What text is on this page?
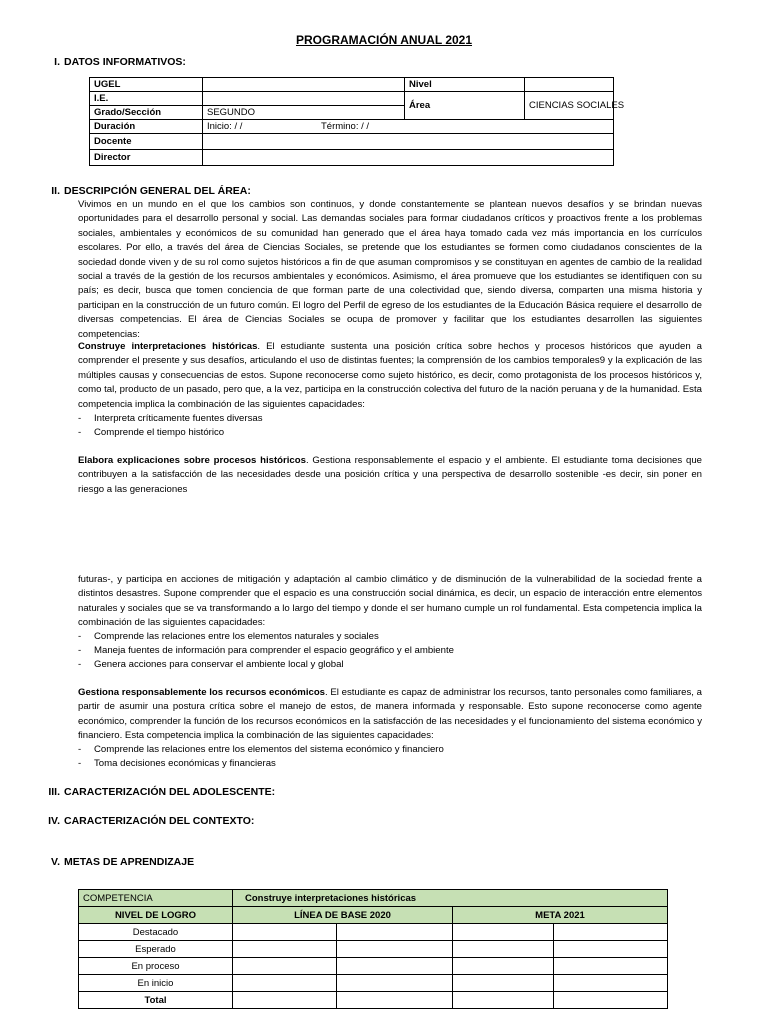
PROGRAMACIÓN ANUAL 2021
I. DATOS INFORMATIVOS:
UGEL		Nivel	
I.E.		Área	CIENCIAS SOCIALES
Grado/Sección	SEGUNDO		
Duración	Inicio: / / Término: / /		
Docente			
Director			
II. DESCRIPCIÓN GENERAL DEL ÁREA:
Vivimos en un mundo en el que los cambios son continuos, y donde constantemente se plantean nuevos desafíos y se brindan nuevas oportunidades para el desarrollo personal y social. Las demandas sociales para formar ciudadanos críticos y proactivos frente a los problemas sociales, ambientales y económicos de su comunidad han generado que el área haya tomado cada vez más importancia en los currículos escolares. Por ello, a través del área de Ciencias Sociales, se pretende que los estudiantes se formen como ciudadanos conscientes de la sociedad donde viven y de su rol como sujetos históricos a fin de que asuman compromisos y se constituyan en agentes de cambio de la realidad social a través de la gestión de los recursos ambientales y económicos. Asimismo, el área promueve que los estudiantes se identifiquen con su país; es decir, busca que tomen conciencia de que forman parte de una colectividad que, siendo diversa, comparten una misma historia y participan en la construcción de un futuro común. El logro del Perfil de egreso de los estudiantes de la Educación Básica requiere el desarrollo de diversas competencias. El área de Ciencias Sociales se ocupa de promover y facilitar que los estudiantes desarrollen las siguientes competencias:
Construye interpretaciones históricas. El estudiante sustenta una posición crítica sobre hechos y procesos históricos que ayuden a comprender el presente y sus desafíos, articulando el uso de distintas fuentes; la comprensión de los cambios temporales9 y la explicación de las múltiples causas y consecuencias de estos. Supone reconocerse como sujeto histórico, es decir, como protagonista de los procesos históricos y, como tal, producto de un pasado, pero que, a la vez, participa en la construcción colectiva del futuro de la nación peruana y de la humanidad. Esta competencia implica la combinación de las siguientes capacidades:
- Interpreta críticamente fuentes diversas
- Comprende el tiempo histórico
Elabora explicaciones sobre procesos históricos. Gestiona responsablemente el espacio y el ambiente. El estudiante toma decisiones que contribuyen a la satisfacción de las necesidades desde una posición crítica y una perspectiva de desarrollo sostenible -es decir, sin poner en riesgo a las generaciones
futuras-, y participa en acciones de mitigación y adaptación al cambio climático y de disminución de la vulnerabilidad de la sociedad frente a distintos desastres. Supone comprender que el espacio es una construcción social dinámica, es decir, un espacio de interacción entre elementos naturales y sociales que se va transformando a lo largo del tiempo y donde el ser humano cumple un rol fundamental. Esta competencia implica la combinación de las siguientes capacidades:
- Comprende las relaciones entre los elementos naturales y sociales
- Maneja fuentes de información para comprender el espacio geográfico y el ambiente
- Genera acciones para conservar el ambiente local y global
Gestiona responsablemente los recursos económicos. El estudiante es capaz de administrar los recursos, tanto personales como familiares, a partir de asumir una postura crítica sobre el manejo de estos, de manera informada y responsable. Esto supone reconocerse como agente económico, comprender la función de los recursos económicos en la satisfacción de las necesidades y el funcionamiento del sistema económico y financiero. Esta competencia implica la combinación de las siguientes capacidades:
- Comprende las relaciones entre los elementos del sistema económico y financiero
- Toma decisiones económicas y financieras
III. CARACTERIZACIÓN DEL ADOLESCENTE:
IV. CARACTERIZACIÓN DEL CONTEXTO:
V. METAS DE APRENDIZAJE
COMPETENCIA	Construye interpretaciones históricas			
NIVEL DE LOGRO	LÍNEA DE BASE 2020		META 2021	
Destacado				
Esperado				
En proceso				
En inicio				
Total				
